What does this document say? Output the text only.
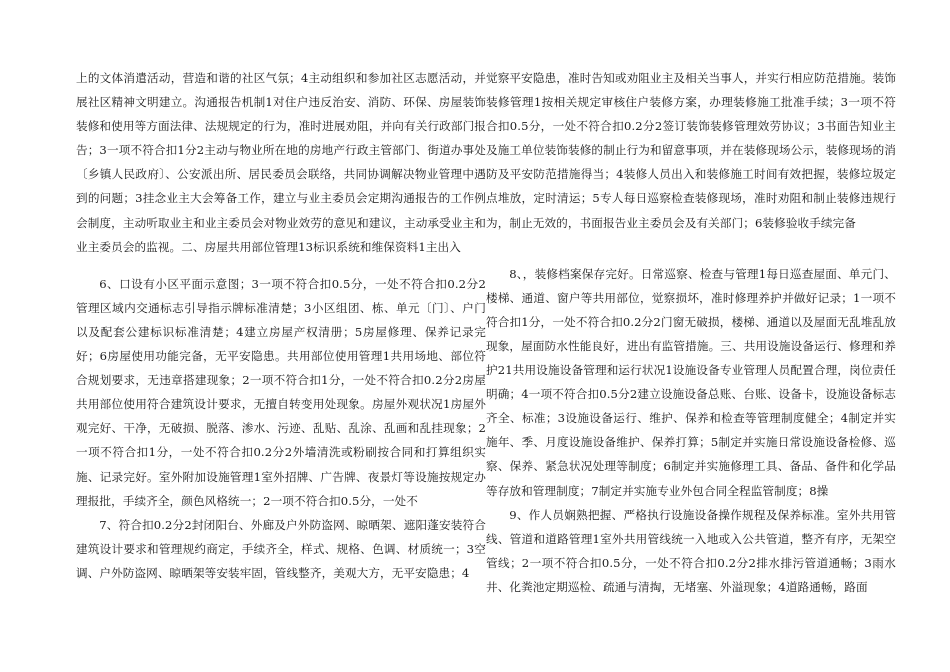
上的文体消遣活动，营造和谐的社区气氛；4主动组织和参加社区志愿活动，并展社区精神文明建立。沟通报告机制1对住户违反治安、消防、环保、房屋装饰装修和使用等方面法律、法规规定的行为，准时进展劝阻，并向有关行政部门报告；3一项不符合扣1分2主动与物业所在地的房地产行政主管部门、街道办事处〔乡镇人民政府〕、公安派出所、居民委员会联络，共同协调解决物业管理中遇到的问题；3挂念业主大会筹备工作，建立与业主委员会定期沟通报告的工作例会制度，主动听取业主和业主委员会对物业效劳的意见和建议，主动承受业主和业主委员会的监视。二、房屋共用部位管理13标识系统和维保资料1主出入

6、口设有小区平面示意图；3一项不符合扣0.5分，一处不符合扣0.2分2管理区域内交通标志引导指示牌标准清楚；3小区组团、栋、单元〔门〕、户门以及配套公建标识标准清楚；4建立房屋产权清册；5房屋修理、保养记录完好；6房屋使用功能完备，无平安隐患。共用部位使用管理1共用场地、部位符合规划要求，无违章搭建现象；2一项不符合扣1分，一处不符合扣0.2分2房屋共用部位使用符合建筑设计要求，无擅自转变用处现象。房屋外观状况1房屋外观完好、干净，无破损、脱落、渗水、污迹、乱贴、乱涂、乱画和乱挂现象；2一项不符合扣1分，一处不符合扣0.2分2外墙清洗或粉刷按合同和打算组织实施、记录完好。室外附加设施管理1室外招牌、广告牌、夜景灯等设施按规定办理报批，手续齐全，颜色风格统一；2一项不符合扣0.5分，一处不

7、符合扣0.2分2封闭阳台、外廊及户外防盗网、晾晒架、遮阳蓬安装符合建筑设计要求和管理规约商定，手续齐全，样式、规格、色调、材质统一；3空调、户外防盗网、晾晒架等安装牢固，管线整齐，美观大方，无平安隐患；4

觉察平安隐患，准时告知或劝阻业主及相关当事人，并实行相应防范措施。装饰装修管理1按相关规定审核住户装修方案，办理装修施工批准手续；3一项不符合扣0.5分，一处不符合扣0.2分2签订装饰装修管理效劳协议；3书面告知业主及施工单位装饰装修的制止行为和留意事项，并在装修现场公示，装修现场的消防及平安防范措施得当；4装修人员出入和装修施工时间有效把握，装修垃圾定点堆放，定时清运；5专人每日巡察检查装修现场，准时劝阻和制止装修违规行为，制止无效的，书面报告业主委员会及有关部门；6装修验收手续完备

8、，装修档案保存完好。日常巡察、检查与管理1每日巡查屋面、单元门、楼梯、通道、窗户等共用部位，觉察损坏，准时修理养护并做好记录；1一项不符合扣1分，一处不符合扣0.2分2门窗无破损，楼梯、通道以及屋面无乱堆乱放现象，屋面防水性能良好，进出有监管措施。三、共用设施设备运行、修理和养护21共用设施设备管理和运行状况1设施设备专业管理人员配置合理，岗位责任明确；4一项不符合扣0.5分2建立设施设备总账、台账、设备卡，设施设备标志齐全、标准；3设施设备运行、维护、保养和检查等管理制度健全；4制定并实施年、季、月度设施设备维护、保养打算；5制定并实施日常设施设备检修、巡察、保养、紧急状况处理等制度；6制定并实施修理工具、备品、备件和化学品等存放和管理制度；7制定并实施专业外包合同全程监管制度；8操

9、作人员娴熟把握、严格执行设施设备操作规程及保养标准。室外共用管线、管道和道路管理1室外共用管线统一入地或入公共管道，整齐有序，无架空管线；2一项不符合扣0.5分，一处不符合扣0.2分2排水排污管道通畅；3雨水井、化粪池定期巡检、疏通与清掏，无堵塞、外溢现象；4道路通畅，路面
